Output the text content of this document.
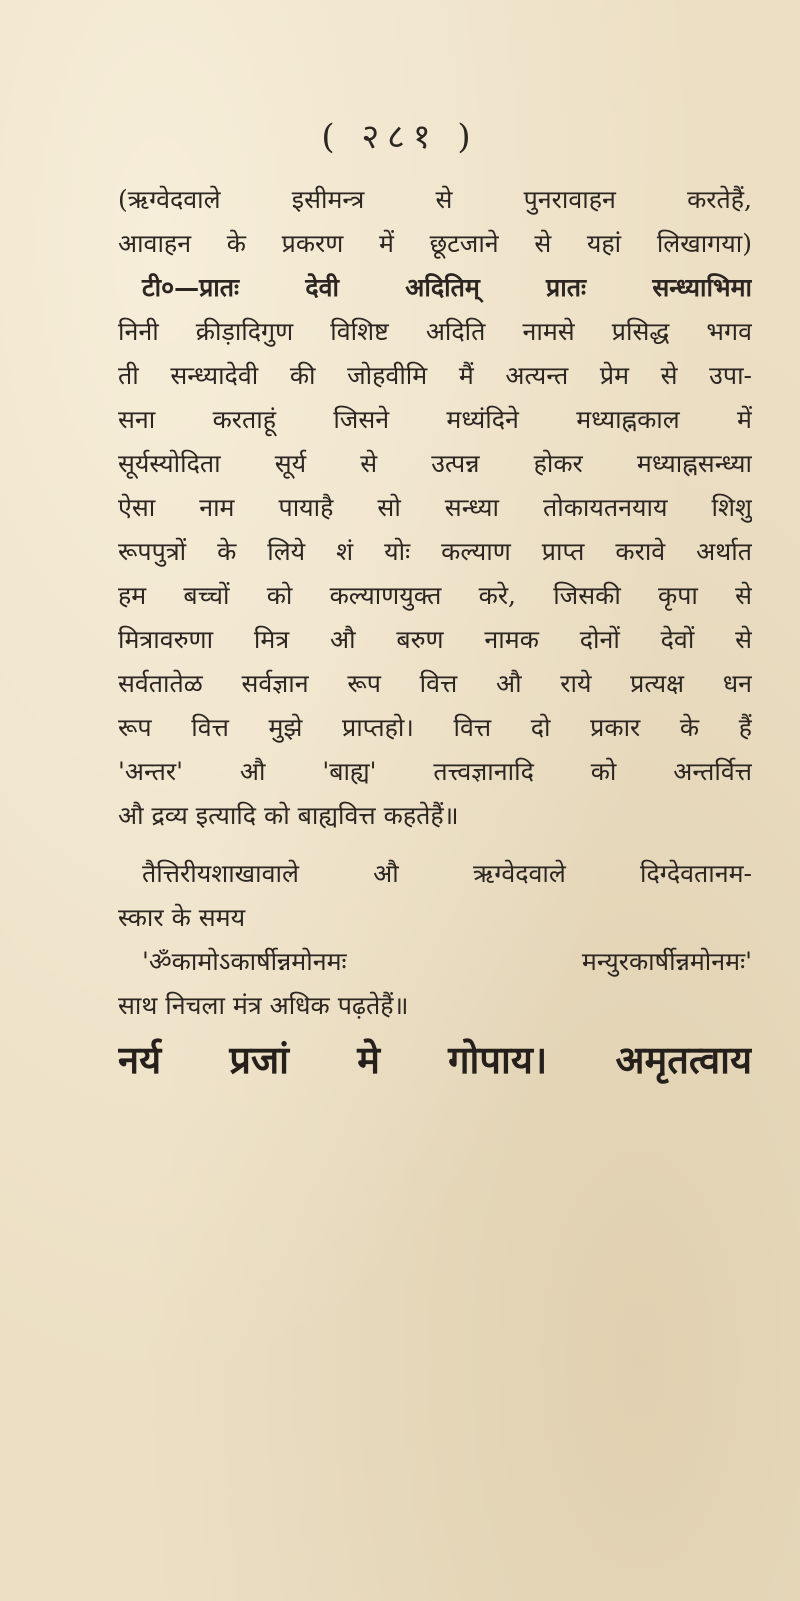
( २८१ )
(ऋग्वेदवाले इसीमन्त्र से पुनरावाहन करतेहैं,
आवाहन के प्रकरण में छूटजाने से यहां लिखागया)
टी०—प्रातः देवी अदितिम् प्रातः सन्ध्याभिमा
निनी क्रीड़ादिगुण विशिष्ट अदिति नामसे प्रसिद्ध भगव
ती सन्ध्यादेवी की जोहवीमि मैं अत्यन्त प्रेम से उपा-
सना करताहूं जिसने मध्यंदिने मध्याह्नकाल में
सूर्यस्योदिता सूर्य से उत्पन्न होकर मध्याह्नसन्ध्या
ऐसा नाम पायाहै सो सन्ध्या तोकायतनयाय शिशु
रूपपुत्रों के लिये शं योः कल्याण प्राप्त करावे अर्थात
हम बच्चों को कल्याणयुक्त करे, जिसकी कृपा से
मित्रावरुणा मित्र औ बरुण नामक दोनों देवों से
सर्वतातेळ सर्वज्ञान रूप वित्त औ राये प्रत्यक्ष धन
रूप वित्त मुझे प्राप्तहो। वित्त दो प्रकार के हैं
'अन्तर' औ 'बाह्य' तत्त्वज्ञानादि को अन्तर्वित्त
औ द्रव्य इत्यादि को बाह्यवित्त कहतेहैं॥
तैत्तिरीयशाखावाले औ ऋग्वेदवाले दिग्देवतानम-
स्कार के समय
'ॐकामोऽकार्षीन्नमोनमः मन्युरकार्षीन्नमोनमः'
साथ निचला मंत्र अधिक पढ़तेहैं॥
नर्य प्रजां मे गोपाय। अमृतत्वाय
